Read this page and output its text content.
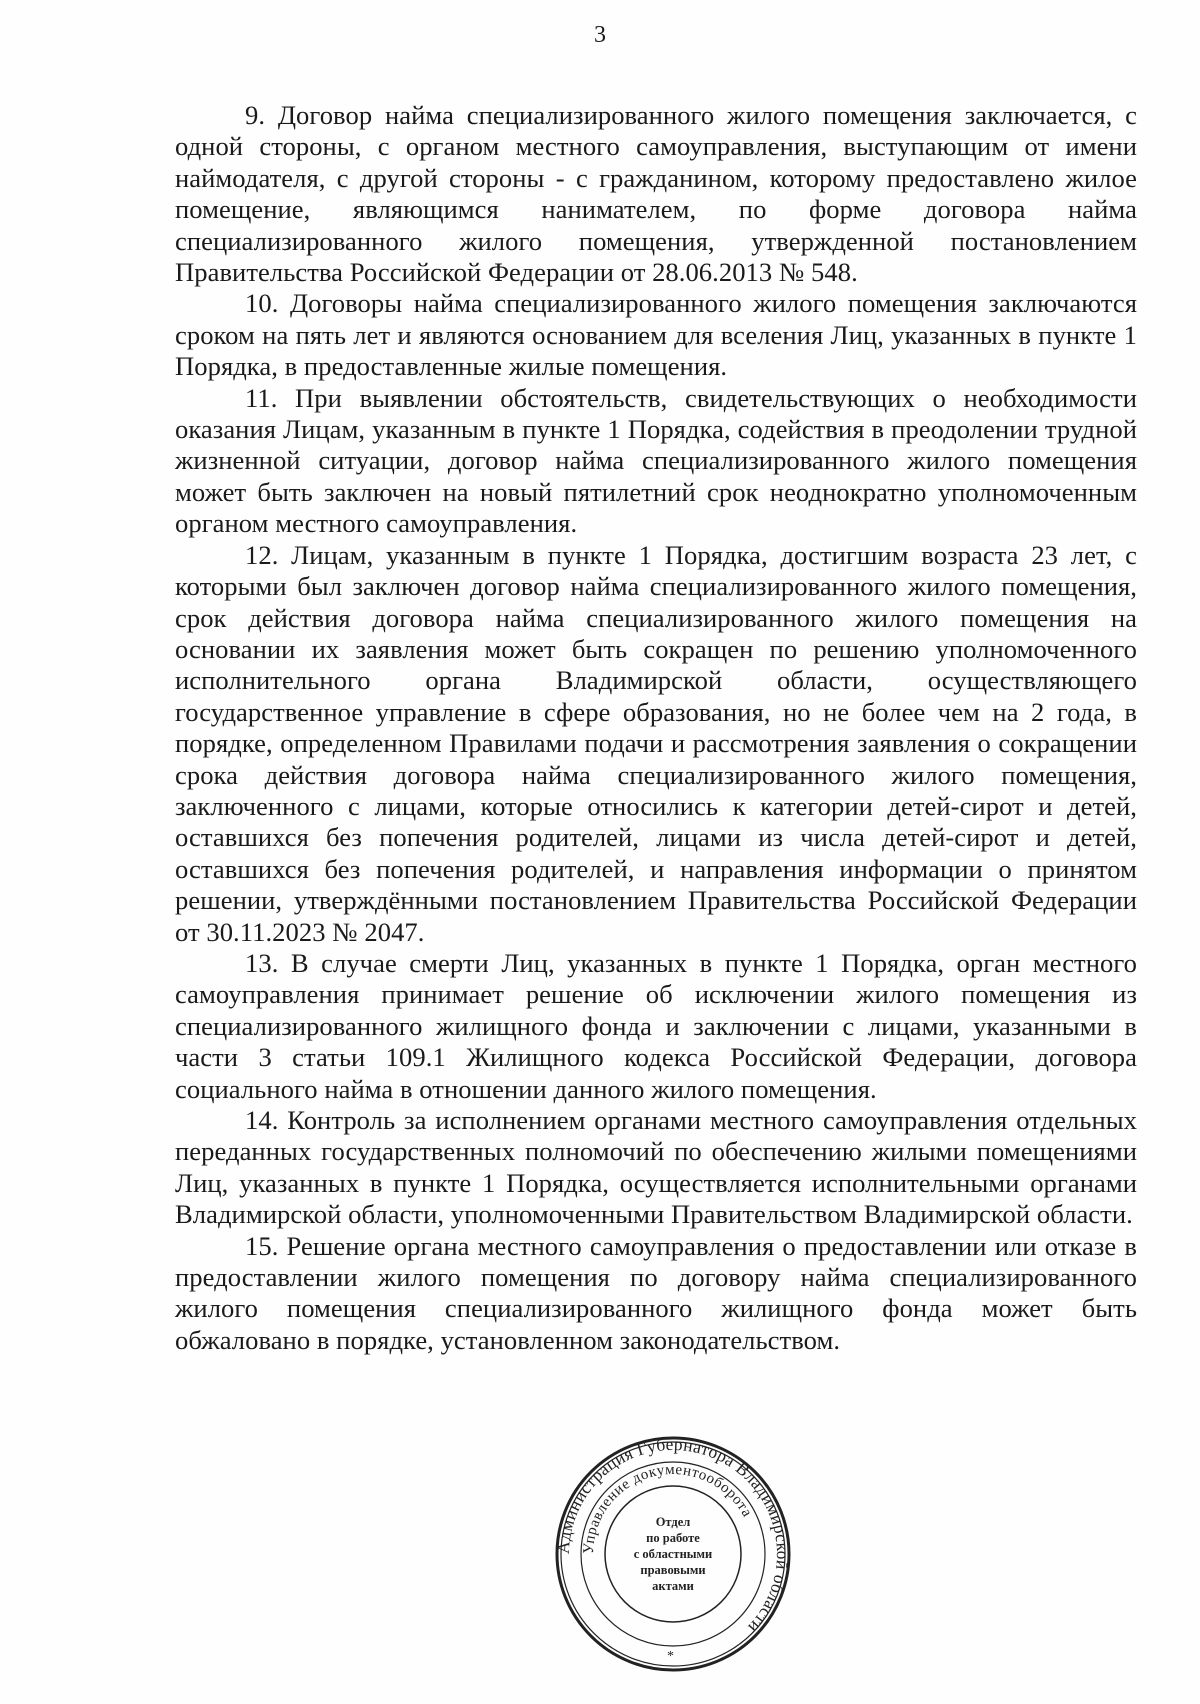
3

9. Договор найма специализированного жилого помещения заключается, с одной стороны, с органом местного самоуправления, выступающим от имени наймодателя, с другой стороны - с гражданином, которому предоставлено жилое помещение, являющимся нанимателем, по форме договора найма специализированного жилого помещения, утвержденной постановлением Правительства Российской Федерации от 28.06.2013 № 548.

10. Договоры найма специализированного жилого помещения заключаются сроком на пять лет и являются основанием для вселения Лиц, указанных в пункте 1 Порядка, в предоставленные жилые помещения.

11. При выявлении обстоятельств, свидетельствующих о необходимости оказания Лицам, указанным в пункте 1 Порядка, содействия в преодолении трудной жизненной ситуации, договор найма специализированного жилого помещения может быть заключен на новый пятилетний срок неоднократно уполномоченным органом местного самоуправления.

12. Лицам, указанным в пункте 1 Порядка, достигшим возраста 23 лет, с которыми был заключен договор найма специализированного жилого помещения, срок действия договора найма специализированного жилого помещения на основании их заявления может быть сокращен по решению уполномоченного исполнительного органа Владимирской области, осуществляющего государственное управление в сфере образования, но не более чем на 2 года, в порядке, определенном Правилами подачи и рассмотрения заявления о сокращении срока действия договора найма специализированного жилого помещения, заключенного с лицами, которые относились к категории детей-сирот и детей, оставшихся без попечения родителей, лицами из числа детей-сирот и детей, оставшихся без попечения родителей, и направления информации о принятом решении, утверждёнными постановлением Правительства Российской Федерации от 30.11.2023 № 2047.

13. В случае смерти Лиц, указанных в пункте 1 Порядка, орган местного самоуправления принимает решение об исключении жилого помещения из специализированного жилищного фонда и заключении с лицами, указанными в части 3 статьи 109.1 Жилищного кодекса Российской Федерации, договора социального найма в отношении данного жилого помещения.

14. Контроль за исполнением органами местного самоуправления отдельных переданных государственных полномочий по обеспечению жилыми помещениями Лиц, указанных в пункте 1 Порядка, осуществляется исполнительными органами Владимирской области, уполномоченными Правительством Владимирской области.

15. Решение органа местного самоуправления о предоставлении или отказе в предоставлении жилого помещения по договору найма специализированного жилого помещения специализированного жилищного фонда может быть обжаловано в порядке, установленном законодательством.

Администрация Губернатора Владимирской области
Управление документооборота
*
Отдел
по работе
с областными
правовыми
актами
